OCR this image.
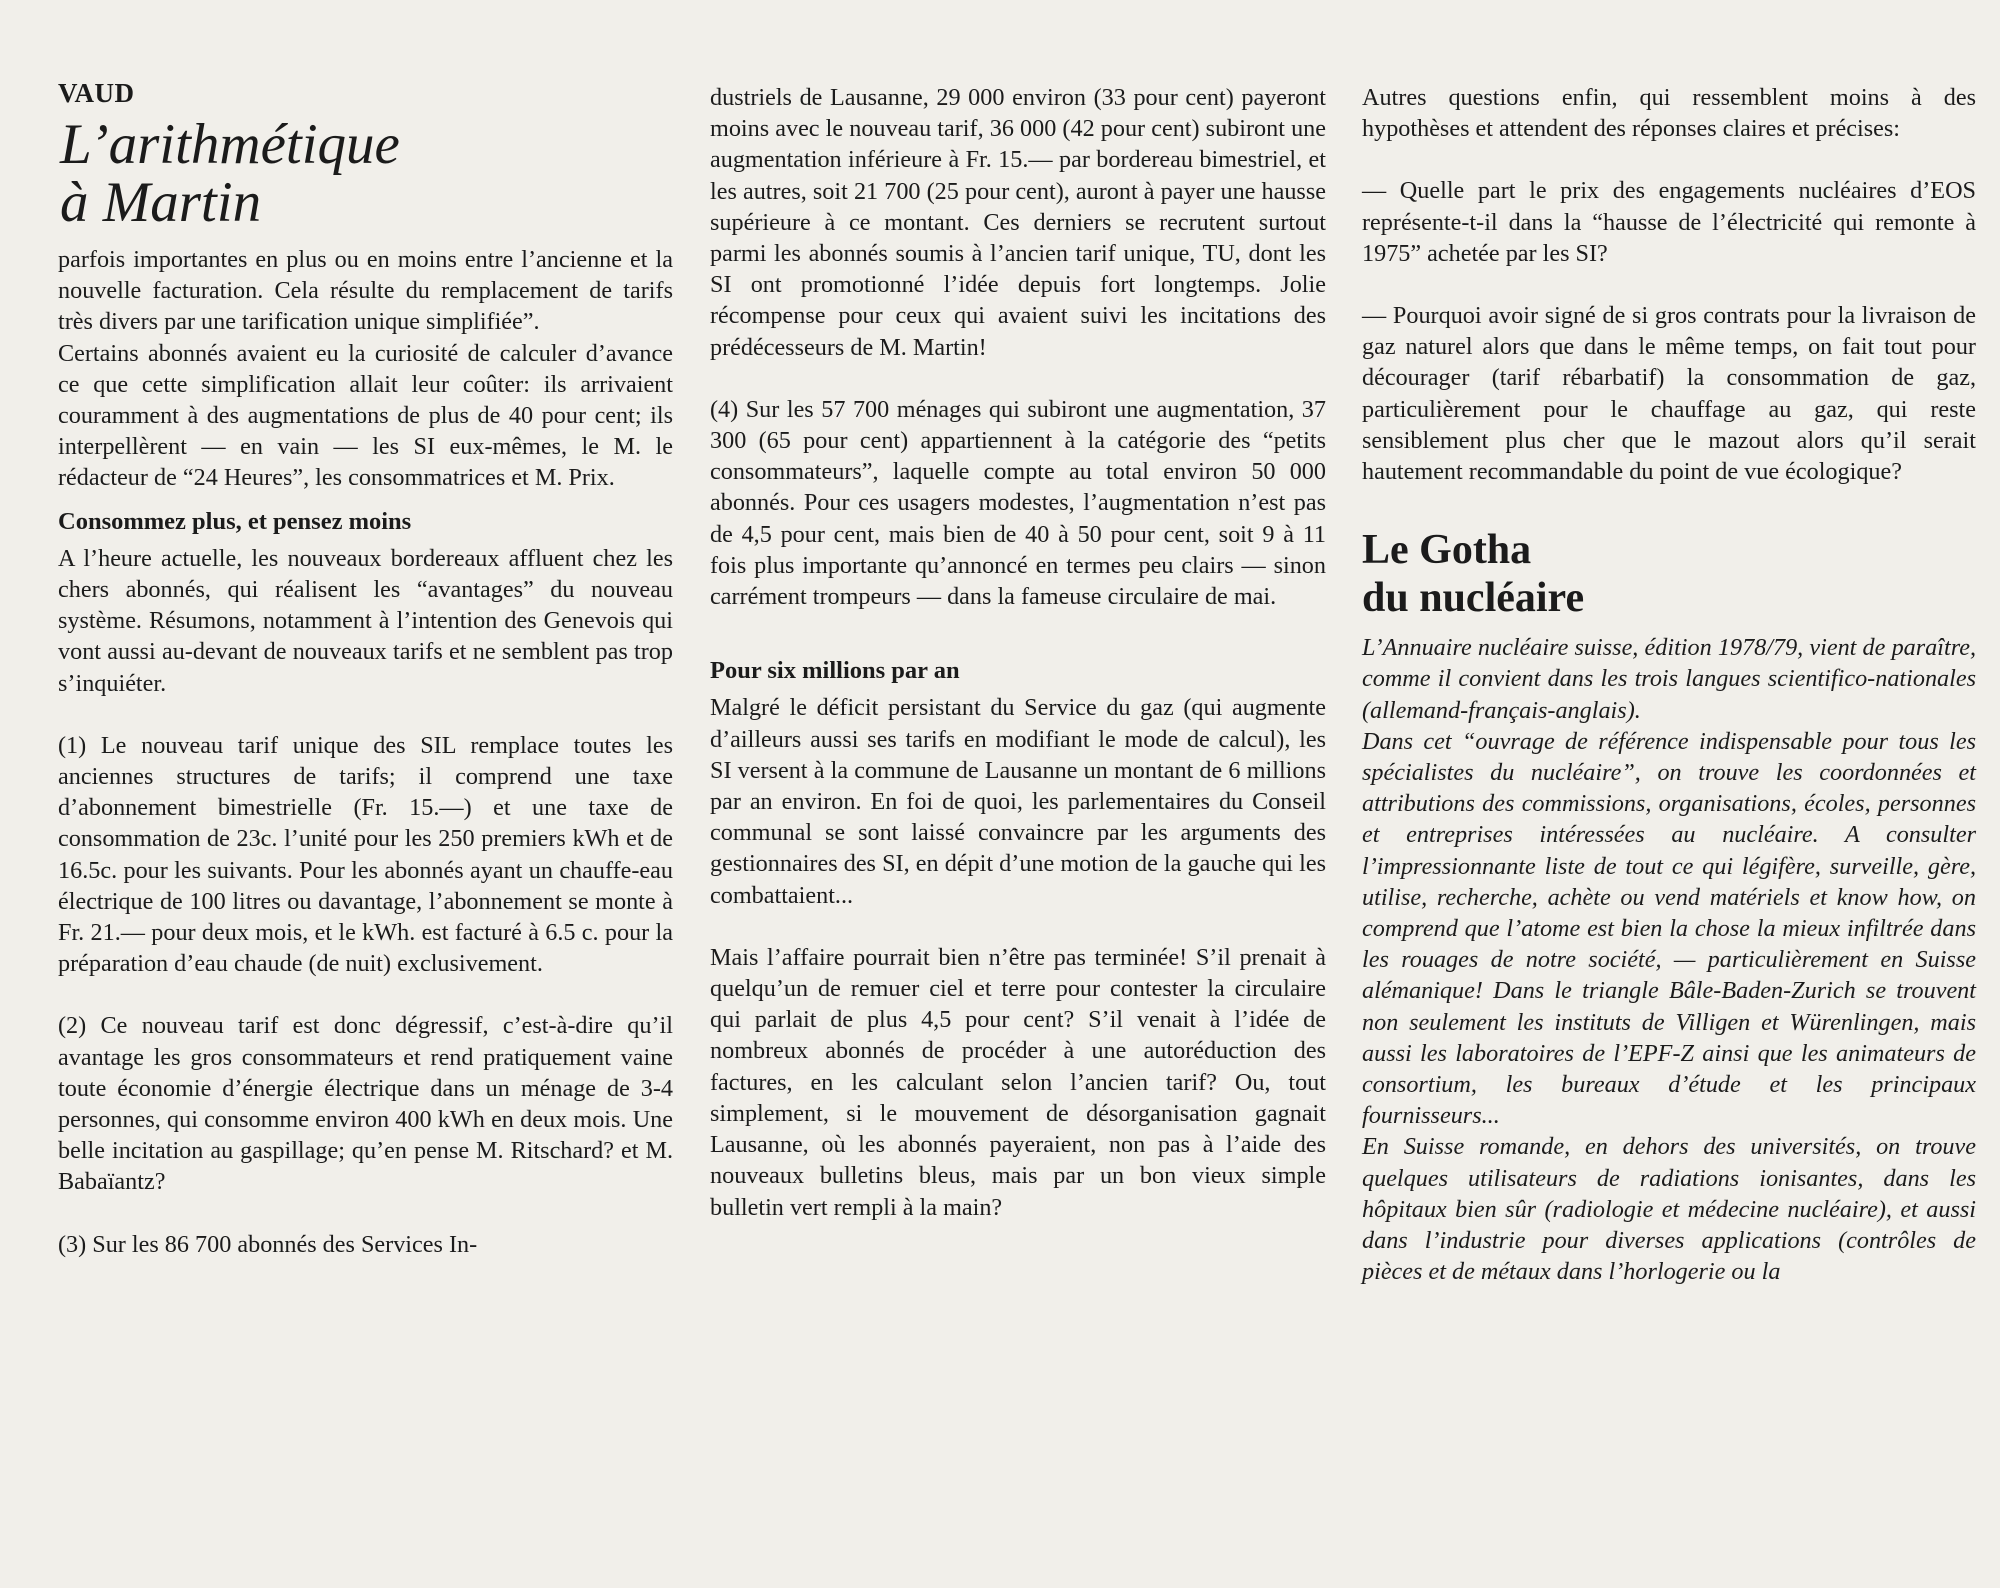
VAUD
L’arithmétique
à Martin

parfois importantes en plus ou en moins entre l’ancienne et la nouvelle facturation. Cela résulte du remplacement de tarifs très divers par une tarification unique simplifiée”.

Certains abonnés avaient eu la curiosité de calculer d’avance ce que cette simplification allait leur coûter: ils arrivaient couramment à des augmentations de plus de 40 pour cent; ils interpellèrent — en vain — les SI eux-mêmes, le M. le rédacteur de “24 Heures”, les consommatrices et M. Prix.

Consommez plus, et pensez moins

A l’heure actuelle, les nouveaux bordereaux affluent chez les chers abonnés, qui réalisent les “avantages” du nouveau système. Résumons, notamment à l’intention des Genevois qui vont aussi au-devant de nouveaux tarifs et ne semblent pas trop s’inquiéter.

(1) Le nouveau tarif unique des SIL remplace toutes les anciennes structures de tarifs; il comprend une taxe d’abonnement bimestrielle (Fr. 15.—) et une taxe de consommation de 23c. l’unité pour les 250 premiers kWh et de 16.5c. pour les suivants. Pour les abonnés ayant un chauffe-eau électrique de 100 litres ou davantage, l’abonnement se monte à Fr. 21.— pour deux mois, et le kWh. est facturé à 6.5 c. pour la préparation d’eau chaude (de nuit) exclusivement.

(2) Ce nouveau tarif est donc dégressif, c’est-à-dire qu’il avantage les gros consommateurs et rend pratiquement vaine toute économie d’énergie électrique dans un ménage de 3-4 personnes, qui consomme environ 400 kWh en deux mois. Une belle incitation au gaspillage; qu’en pense M. Ritschard? et M. Babaïantz?

(3) Sur les 86 700 abonnés des Services In-

dustriels de Lausanne, 29 000 environ (33 pour cent) payeront moins avec le nouveau tarif, 36 000 (42 pour cent) subiront une augmentation inférieure à Fr. 15.— par bordereau bimestriel, et les autres, soit 21 700 (25 pour cent), auront à payer une hausse supérieure à ce montant. Ces derniers se recrutent surtout parmi les abonnés soumis à l’ancien tarif unique, TU, dont les SI ont promotionné l’idée depuis fort longtemps. Jolie récompense pour ceux qui avaient suivi les incitations des prédécesseurs de M. Martin!

(4) Sur les 57 700 ménages qui subiront une augmentation, 37 300 (65 pour cent) appartiennent à la catégorie des “petits consommateurs”, laquelle compte au total environ 50 000 abonnés. Pour ces usagers modestes, l’augmentation n’est pas de 4,5 pour cent, mais bien de 40 à 50 pour cent, soit 9 à 11 fois plus importante qu’annoncé en termes peu clairs — sinon carrément trompeurs — dans la fameuse circulaire de mai.

Pour six millions par an

Malgré le déficit persistant du Service du gaz (qui augmente d’ailleurs aussi ses tarifs en modifiant le mode de calcul), les SI versent à la commune de Lausanne un montant de 6 millions par an environ. En foi de quoi, les parlementaires du Conseil communal se sont laissé convaincre par les arguments des gestionnaires des SI, en dépit d’une motion de la gauche qui les combattaient...

Mais l’affaire pourrait bien n’être pas terminée! S’il prenait à quelqu’un de remuer ciel et terre pour contester la circulaire qui parlait de plus 4,5 pour cent? S’il venait à l’idée de nombreux abonnés de procéder à une autoréduction des factures, en les calculant selon l’ancien tarif? Ou, tout simplement, si le mouvement de désorganisation gagnait Lausanne, où les abonnés payeraient, non pas à l’aide des nouveaux bulletins bleus, mais par un bon vieux simple bulletin vert rempli à la main?

Autres questions enfin, qui ressemblent moins à des hypothèses et attendent des réponses claires et précises:

— Quelle part le prix des engagements nucléaires d’EOS représente-t-il dans la “hausse de l’électricité qui remonte à 1975” achetée par les SI?

— Pourquoi avoir signé de si gros contrats pour la livraison de gaz naturel alors que dans le même temps, on fait tout pour décourager (tarif rébarbatif) la consommation de gaz, particulièrement pour le chauffage au gaz, qui reste sensiblement plus cher que le mazout alors qu’il serait hautement recommandable du point de vue écologique?

Le Gotha
du nucléaire

L’Annuaire nucléaire suisse, édition 1978/79, vient de paraître, comme il convient dans les trois langues scientifico-nationales (allemand-français-anglais).

Dans cet “ouvrage de référence indispensable pour tous les spécialistes du nucléaire”, on trouve les coordonnées et attributions des commissions, organisations, écoles, personnes et entreprises intéressées au nucléaire. A consulter l’impressionnante liste de tout ce qui légifère, surveille, gère, utilise, recherche, achète ou vend matériels et know how, on comprend que l’atome est bien la chose la mieux infiltrée dans les rouages de notre société, — particulièrement en Suisse alémanique! Dans le triangle Bâle-Baden-Zurich se trouvent non seulement les instituts de Villigen et Würenlingen, mais aussi les laboratoires de l’EPF-Z ainsi que les animateurs de consortium, les bureaux d’étude et les principaux fournisseurs...

En Suisse romande, en dehors des universités, on trouve quelques utilisateurs de radiations ionisantes, dans les hôpitaux bien sûr (radiologie et médecine nucléaire), et aussi dans l’industrie pour diverses applications (contrôles de pièces et de métaux dans l’horlogerie ou la
